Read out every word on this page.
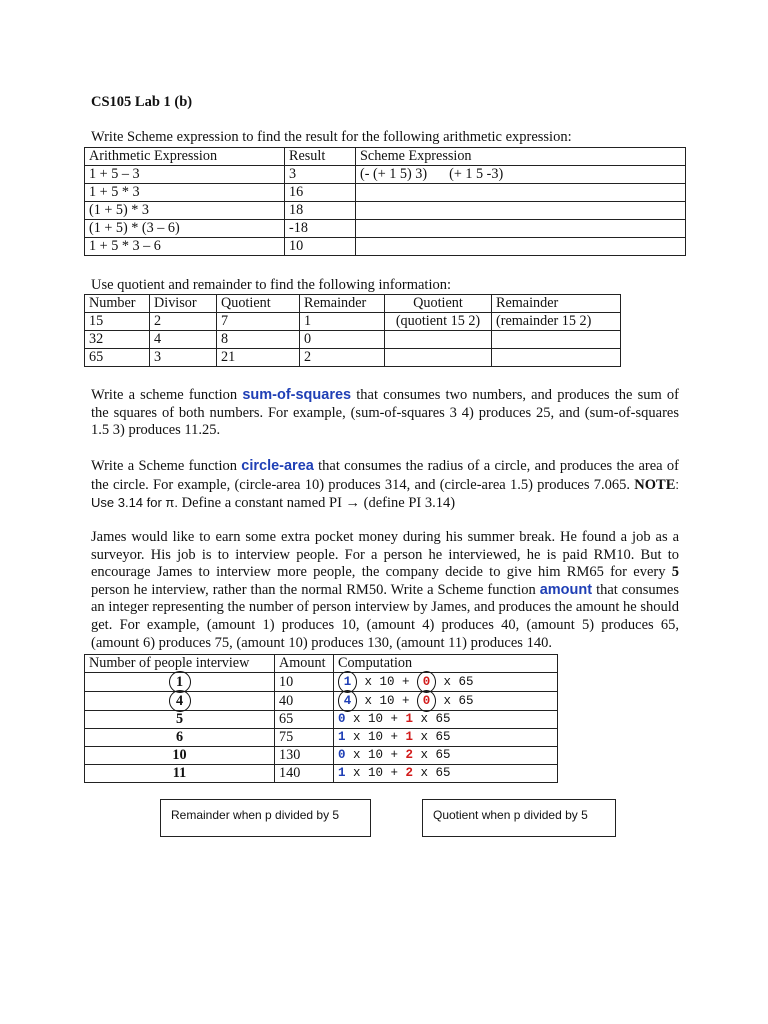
CS105 Lab 1 (b)
Write Scheme expression to find the result for the following arithmetic expression:
Arithmetic Expression	Result	Scheme Expression
1 + 5 – 3	3	(- (+ 1 5) 3) (+ 1 5 -3)
1 + 5 * 3	16	
(1 + 5) * 3	18	
(1 + 5) * (3 – 6)	-18	
1 + 5 * 3 – 6	10	
Use quotient and remainder to find the following information:
Number	Divisor	Quotient	Remainder	Quotient	Remainder
15	2	7	1	(quotient 15 2)	(remainder 15 2)
32	4	8	0		
65	3	21	2		
Write a scheme function sum-of-squares that consumes two numbers, and produces the sum of the squares of both numbers. For example, (sum-of-squares 3 4) produces 25, and (sum-of-squares 1.5 3) produces 11.25.
Write a Scheme function circle-area that consumes the radius of a circle, and produces the area of the circle. For example, (circle-area 10) produces 314, and (circle-area 1.5) produces 7.065. NOTE: Use 3.14 for π. Define a constant named PI → (define PI 3.14)
James would like to earn some extra pocket money during his summer break. He found a job as a surveyor. His job is to interview people. For a person he interviewed, he is paid RM10. But to encourage James to interview more people, the company decide to give him RM65 for every 5 person he interview, rather than the normal RM50. Write a Scheme function amount that consumes an integer representing the number of person interview by James, and produces the amount he should get. For example, (amount 1) produces 10, (amount 4) produces 40, (amount 5) produces 65, (amount 6) produces 75, (amount 10) produces 130, (amount 11) produces 140.
Number of people interview	Amount	Computation
1	10	1 x 10 + 0 x 65
4	40	4 x 10 + 0 x 65
5	65	0 x 10 + 1 x 65
6	75	1 x 10 + 1 x 65
10	130	0 x 10 + 2 x 65
11	140	1 x 10 + 2 x 65
Remainder when p divided by 5	Quotient when p divided by 5
